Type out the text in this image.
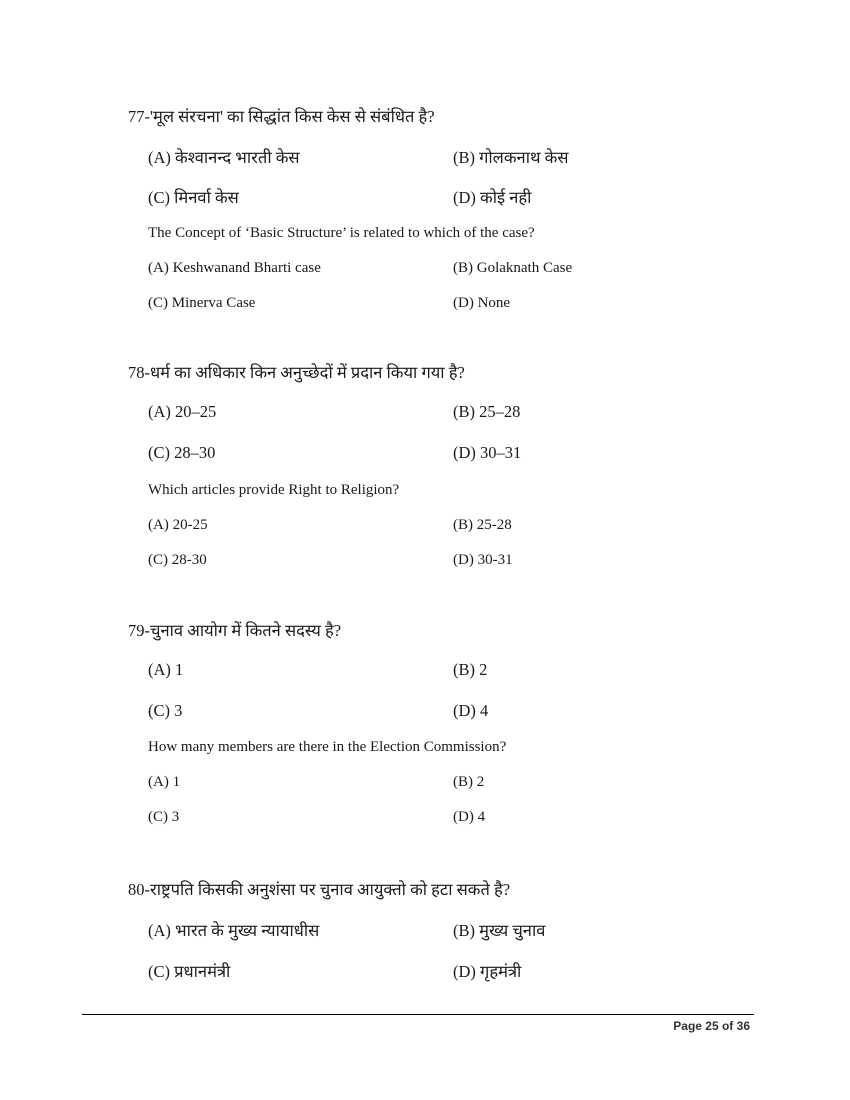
77-'मूल संरचना' का सिद्धांत किस केस से संबंधित है?
(A) केश्वानन्द भारती केस	(B) गोलकनाथ केस
(C) मिनर्वा केस	(D) कोई नही
The Concept of ‘Basic Structure’ is related to which of the case?
(A) Keshwanand Bharti case	(B) Golaknath Case
(C) Minerva Case	(D) None
78-धर्म का अधिकार किन अनुच्छेदों में प्रदान किया गया है?
(A) 20–25	(B) 25–28
(C) 28–30	(D) 30–31
Which articles provide Right to Religion?
(A) 20-25	(B) 25-28
(C) 28-30	(D) 30-31
79-चुनाव आयोग में कितने सदस्य है?
(A) 1	(B) 2
(C) 3	(D) 4
How many members are there in the Election Commission?
(A) 1	(B) 2
(C) 3	(D) 4
80-राष्ट्रपति किसकी अनुशंसा पर चुनाव आयुक्तो को हटा सकते है?
(A) भारत के मुख्य न्यायाधीस	(B) मुख्य चुनाव
(C) प्रधानमंत्री	(D) गृहमंत्री
Page 25 of 36
